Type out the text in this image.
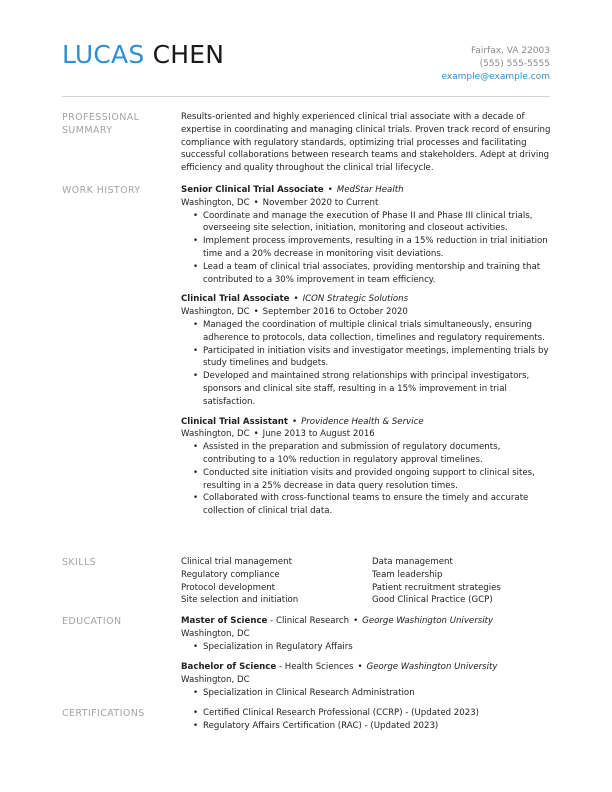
LUCAS CHEN	Fairfax, VA 22003
(555) 555-5555
example@example.com
PROFESSIONAL
SUMMARY
Results-oriented and highly experienced clinical trial associate with a decade of expertise in coordinating and managing clinical trials. Proven track record of ensuring compliance with regulatory standards, optimizing trial processes and facilitating successful collaborations between research teams and stakeholders. Adept at driving efficiency and quality throughout the clinical trial lifecycle.
WORK HISTORY	Senior Clinical Trial Associate • MedStar Health
Washington, DC • November 2020 to Current
• Coordinate and manage the execution of Phase II and Phase III clinical trials, overseeing site selection, initiation, monitoring and closeout activities.
• Implement process improvements, resulting in a 15% reduction in trial initiation time and a 20% decrease in monitoring visit deviations.
• Lead a team of clinical trial associates, providing mentorship and training that contributed to a 30% improvement in team efficiency.
Clinical Trial Associate • ICON Strategic Solutions
Washington, DC • September 2016 to October 2020
• Managed the coordination of multiple clinical trials simultaneously, ensuring adherence to protocols, data collection, timelines and regulatory requirements.
• Participated in initiation visits and investigator meetings, implementing trials by study timelines and budgets.
• Developed and maintained strong relationships with principal investigators, sponsors and clinical site staff, resulting in a 15% improvement in trial satisfaction.
Clinical Trial Assistant • Providence Health & Service
Washington, DC • June 2013 to August 2016
• Assisted in the preparation and submission of regulatory documents, contributing to a 10% reduction in regulatory approval timelines.
• Conducted site initiation visits and provided ongoing support to clinical sites, resulting in a 25% decrease in data query resolution times.
• Collaborated with cross-functional teams to ensure the timely and accurate collection of clinical trial data.
SKILLS	Clinical trial management	Data management
Regulatory compliance	Team leadership
Protocol development	Patient recruitment strategies
Site selection and initiation	Good Clinical Practice (GCP)
EDUCATION	Master of Science - Clinical Research • George Washington University
Washington, DC
• Specialization in Regulatory Affairs
Bachelor of Science - Health Sciences • George Washington University
Washington, DC
• Specialization in Clinical Research Administration
CERTIFICATIONS
•	Certified Clinical Research Professional (CCRP) - (Updated 2023)
• Regulatory Affairs Certification (RAC) - (Updated 2023)
